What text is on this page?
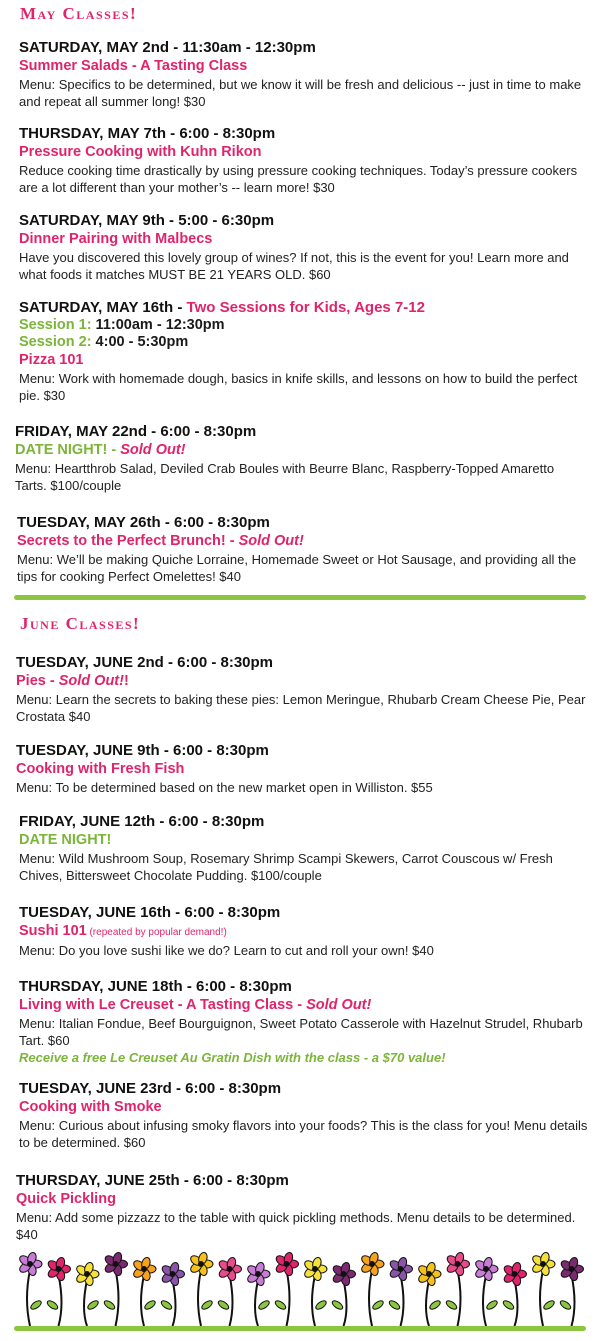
May Classes!
SATURDAY, MAY 2nd - 11:30am - 12:30pm
Summer Salads - A Tasting Class
Menu: Specifics to be determined, but we know it will be fresh and delicious -- just in time to make and repeat all summer long! $30
THURSDAY, MAY 7th - 6:00 - 8:30pm
Pressure Cooking with Kuhn Rikon
Reduce cooking time drastically by using pressure cooking techniques. Today’s pressure cookers are a lot different than your mother’s -- learn more! $30
SATURDAY, MAY 9th - 5:00 - 6:30pm
Dinner Pairing with Malbecs
Have you discovered this lovely group of wines? If not, this is the event for you! Learn more and what foods it matches MUST BE 21 YEARS OLD. $60
SATURDAY, MAY 16th - Two Sessions for Kids, Ages 7-12
Session 1: 11:00am - 12:30pm
Session 2: 4:00 - 5:30pm
Pizza 101
Menu: Work with homemade dough, basics in knife skills, and lessons on how to build the perfect pie. $30
FRIDAY, MAY 22nd - 6:00 - 8:30pm
DATE NIGHT! - Sold Out!
Menu: Heartthrob Salad, Deviled Crab Boules with Beurre Blanc, Raspberry-Topped Amaretto Tarts. $100/couple
TUESDAY, MAY 26th - 6:00 - 8:30pm
Secrets to the Perfect Brunch! - Sold Out!
Menu: We’ll be making Quiche Lorraine, Homemade Sweet or Hot Sausage, and providing all the tips for cooking Perfect Omelettes! $40
June Classes!
TUESDAY, JUNE 2nd - 6:00 - 8:30pm
Pies - Sold Out!!
Menu: Learn the secrets to baking these pies: Lemon Meringue, Rhubarb Cream Cheese Pie, Pear Crostata $40
TUESDAY, JUNE 9th - 6:00 - 8:30pm
Cooking with Fresh Fish
Menu: To be determined based on the new market open in Williston. $55
FRIDAY, JUNE 12th - 6:00 - 8:30pm
DATE NIGHT!
Menu: Wild Mushroom Soup, Rosemary Shrimp Scampi Skewers, Carrot Couscous w/ Fresh Chives, Bittersweet Chocolate Pudding. $100/couple
TUESDAY, JUNE 16th - 6:00 - 8:30pm
Sushi 101 (repeated by popular demand!)
Menu: Do you love sushi like we do? Learn to cut and roll your own! $40
THURSDAY, JUNE 18th - 6:00 - 8:30pm
Living with Le Creuset - A Tasting Class - Sold Out!
Menu: Italian Fondue, Beef Bourguignon, Sweet Potato Casserole with Hazelnut Strudel, Rhubarb Tart. $60
Receive a free Le Creuset Au Gratin Dish with the class - a $70 value!
TUESDAY, JUNE 23rd - 6:00 - 8:30pm
Cooking with Smoke
Menu: Curious about infusing smoky flavors into your foods? This is the class for you! Menu details to be determined. $60
THURSDAY, JUNE 25th - 6:00 - 8:30pm
Quick Pickling
Menu: Add some pizzazz to the table with quick pickling methods. Menu details to be determined. $40
